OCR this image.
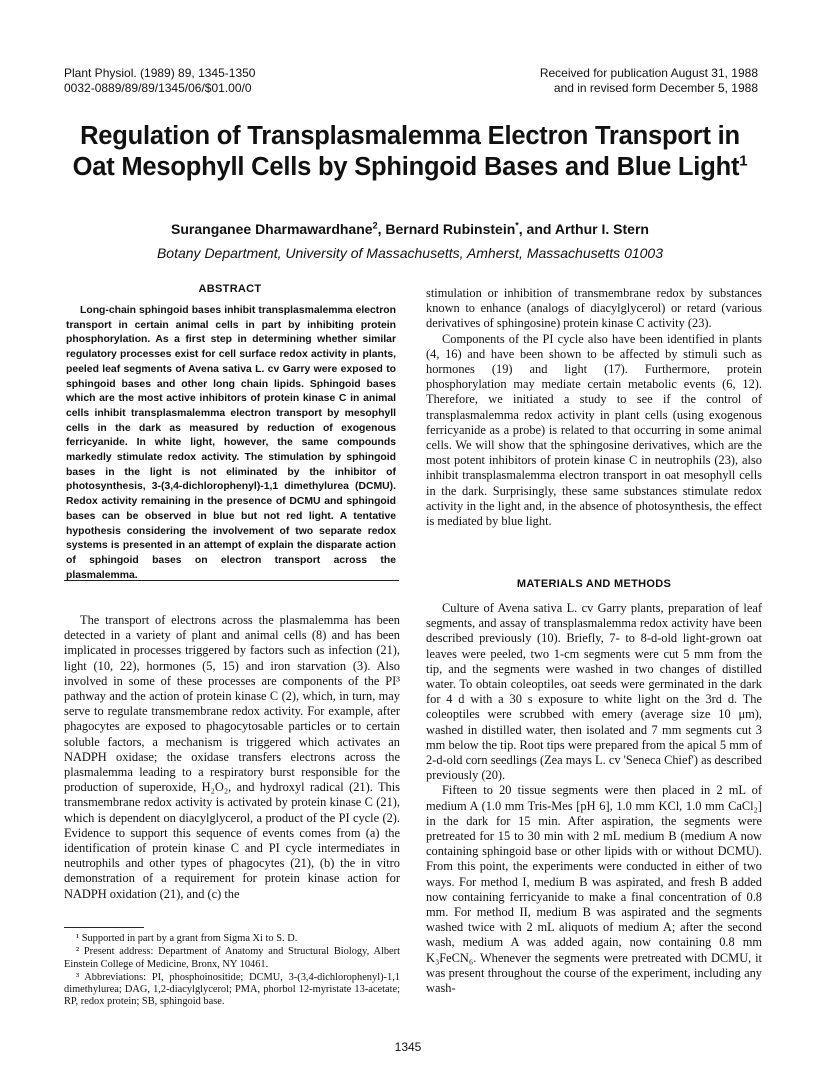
Plant Physiol. (1989) 89, 1345-1350
0032-0889/89/89/1345/06/$01.00/0
Received for publication August 31, 1988
and in revised form December 5, 1988
Regulation of Transplasmalemma Electron Transport in Oat Mesophyll Cells by Sphingoid Bases and Blue Light$^1$
Suranganee Dharmawardhane$^2$, Bernard Rubinstein*, and Arthur I. Stern
Botany Department, University of Massachusetts, Amherst, Massachusetts 01003
ABSTRACT

Long-chain sphingoid bases inhibit transplasmalemma electron transport in certain animal cells in part by inhibiting protein phosphorylation. As a first step in determining whether similar regulatory processes exist for cell surface redox activity in plants, peeled leaf segments of Avena sativa L. cv Garry were exposed to sphingoid bases and other long chain lipids. Sphingoid bases which are the most active inhibitors of protein kinase C in animal cells inhibit transplasmalemma electron transport by mesophyll cells in the dark as measured by reduction of exogenous ferricyanide. In white light, however, the same compounds markedly stimulate redox activity. The stimulation by sphingoid bases in the light is not eliminated by the inhibitor of photosynthesis, 3-(3,4-dichlorophenyl)-1,1 dimethylurea (DCMU). Redox activity remaining in the presence of DCMU and sphingoid bases can be observed in blue but not red light. A tentative hypothesis considering the involvement of two separate redox systems is presented in an attempt of explain the disparate action of sphingoid bases on electron transport across the plasmalemma.

The transport of electrons across the plasmalemma has been detected in a variety of plant and animal cells (8) and has been implicated in processes triggered by factors such as infection (21), light (10, 22), hormones (5, 15) and iron starvation (3). Also involved in some of these processes are components of the PI³ pathway and the action of protein kinase C (2), which, in turn, may serve to regulate transmembrane redox activity. For example, after phagocytes are exposed to phagocytosable particles or to certain soluble factors, a mechanism is triggered which activates an NADPH oxidase; the oxidase transfers electrons across the plasmalemma leading to a respiratory burst responsible for the production of superoxide, H₂O₂, and hydroxyl radical (21). This transmembrane redox activity is activated by protein kinase C (21), which is dependent on diacylglycerol, a product of the PI cycle (2). Evidence to support this sequence of events comes from (a) the identification of protein kinase C and PI cycle intermediates in neutrophils and other types of phagocytes (21), (b) the in vitro demonstration of a requirement for protein kinase action for NADPH oxidation (21), and (c) the

stimulation or inhibition of transmembrane redox by substances known to enhance (analogs of diacylglycerol) or retard (various derivatives of sphingosine) protein kinase C activity (23).

Components of the PI cycle also have been identified in plants (4, 16) and have been shown to be affected by stimuli such as hormones (19) and light (17). Furthermore, protein phosphorylation may mediate certain metabolic events (6, 12). Therefore, we initiated a study to see if the control of transplasmalemma redox activity in plant cells (using exogenous ferricyanide as a probe) is related to that occurring in some animal cells. We will show that the sphingosine derivatives, which are the most potent inhibitors of protein kinase C in neutrophils (23), also inhibit transplasmalemma electron transport in oat mesophyll cells in the dark. Surprisingly, these same substances stimulate redox activity in the light and, in the absence of photosynthesis, the effect is mediated by blue light.

MATERIALS AND METHODS

Culture of Avena sativa L. cv Garry plants, preparation of leaf segments, and assay of transplasmalemma redox activity have been described previously (10). Briefly, 7- to 8-d-old light-grown oat leaves were peeled, two 1-cm segments were cut 5 mm from the tip, and the segments were washed in two changes of distilled water. To obtain coleoptiles, oat seeds were germinated in the dark for 4 d with a 30 s exposure to white light on the 3rd d. The coleoptiles were scrubbed with emery (average size 10 μm), washed in distilled water, then isolated and 7 mm segments cut 3 mm below the tip. Root tips were prepared from the apical 5 mm of 2-d-old corn seedlings (Zea mays L. cv 'Seneca Chief') as described previously (20).

Fifteen to 20 tissue segments were then placed in 2 mL of medium A (1.0 mm Tris-Mes [pH 6], 1.0 mm KCl, 1.0 mm CaCl₂] in the dark for 15 min. After aspiration, the segments were pretreated for 15 to 30 min with 2 mL medium B (medium A now containing sphingoid base or other lipids with or without DCMU). From this point, the experiments were conducted in either of two ways. For method I, medium B was aspirated, and fresh B added now containing ferricyanide to make a final concentration of 0.8 mm. For method II, medium B was aspirated and the segments washed twice with 2 mL aliquots of medium A; after the second wash, medium A was added again, now containing 0.8 mm K₃FeCN₆. Whenever the segments were pretreated with DCMU, it was present throughout the course of the experiment, including any wash-

¹ Supported in part by a grant from Sigma Xi to S. D.

² Present address: Department of Anatomy and Structural Biology, Albert Einstein College of Medicine, Bronx, NY 10461.

³ Abbreviations: PI, phosphoinositide; DCMU, 3-(3,4-dichlorophenyl)-1,1 dimethylurea; DAG, 1,2-diacylglycerol; PMA, phorbol 12-myristate 13-acetate; RP, redox protein; SB, sphingoid base.

1345
